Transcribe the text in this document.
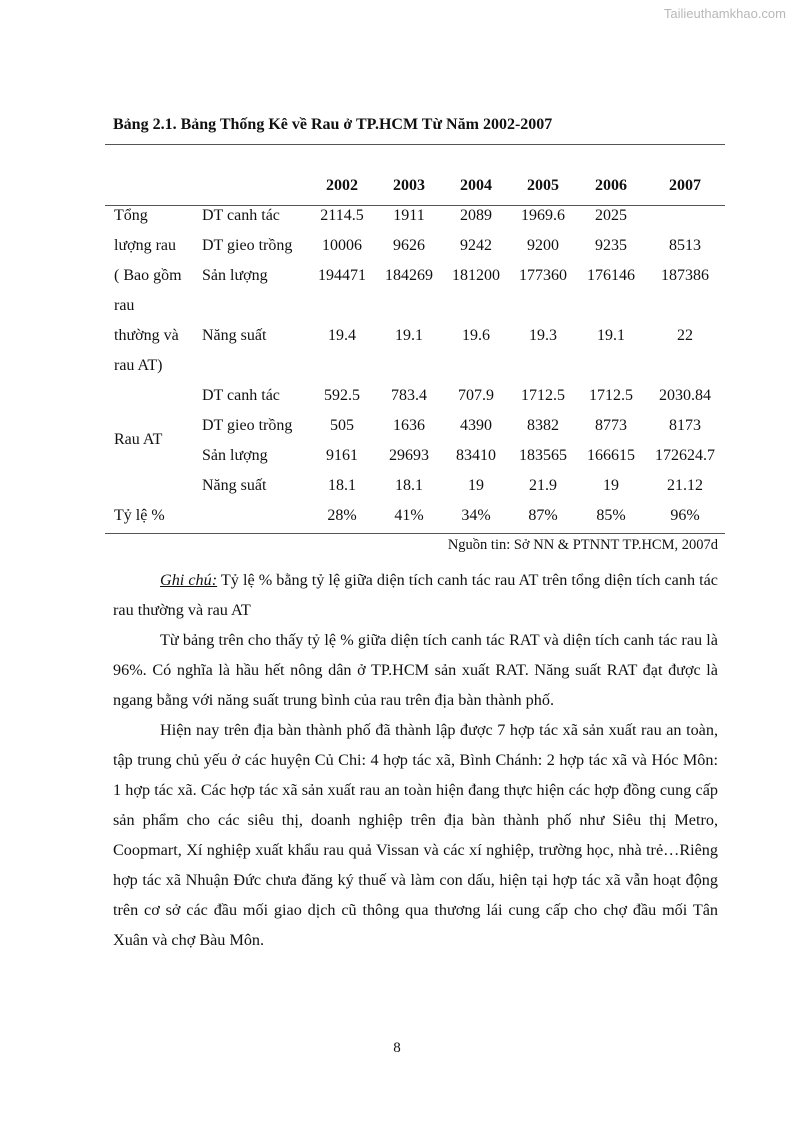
Tailieuthamkhao.com
Bảng 2.1. Bảng Thống Kê về Rau ở TP.HCM Từ Năm 2002-2007
2002	2003	2004	2005	2006	2007
Tổng
lượng rau
( Bao gồm
rau
thường và
rau AT)
DT canh tác	2114.5	1911	2089	1969.6	2025
DT gieo trồng	10006	9626	9242	9200	9235	8513
Sản lượng	194471	184269	181200	177360	176146	187386
Năng suất	19.4	19.1	19.6	19.3	19.1	22
Rau AT
DT canh tác	592.5	783.4	707.9	1712.5	1712.5	2030.84
DT gieo trồng	505	1636	4390	8382	8773	8173
Sản lượng	9161	29693	83410	183565	166615	172624.7
Năng suất	18.1	18.1	19	21.9	19	21.12
Tỷ lệ %	28%	41%	34%	87%	85%	96%
Nguồn tin: Sở NN & PTNNT TP.HCM, 2007d

Ghi chú: Tỷ lệ % bằng tỷ lệ giữa diện tích canh tác rau AT trên tổng diện tích canh tác rau thường và rau AT

Từ bảng trên cho thấy tỷ lệ % giữa diện tích canh tác RAT và diện tích canh tác rau là 96%. Có nghĩa là hầu hết nông dân ở TP.HCM sản xuất RAT. Năng suất RAT đạt được là ngang bằng với năng suất trung bình của rau trên địa bàn thành phố.

Hiện nay trên địa bàn thành phố đã thành lập được 7 hợp tác xã sản xuất rau an toàn, tập trung chủ yếu ở các huyện Củ Chi: 4 hợp tác xã, Bình Chánh: 2 hợp tác xã và Hóc Môn: 1 hợp tác xã. Các hợp tác xã sản xuất rau an toàn hiện đang thực hiện các hợp đồng cung cấp sản phẩm cho các siêu thị, doanh nghiệp trên địa bàn thành phố như Siêu thị Metro, Coopmart, Xí nghiệp xuất khẩu rau quả Vissan và các xí nghiệp, trường học, nhà trẻ…Riêng hợp tác xã Nhuận Đức chưa đăng ký thuế và làm con dấu, hiện tại hợp tác xã vẫn hoạt động trên cơ sở các đầu mối giao dịch cũ thông qua thương lái cung cấp cho chợ đầu mối Tân Xuân và chợ Bàu Môn.

8
